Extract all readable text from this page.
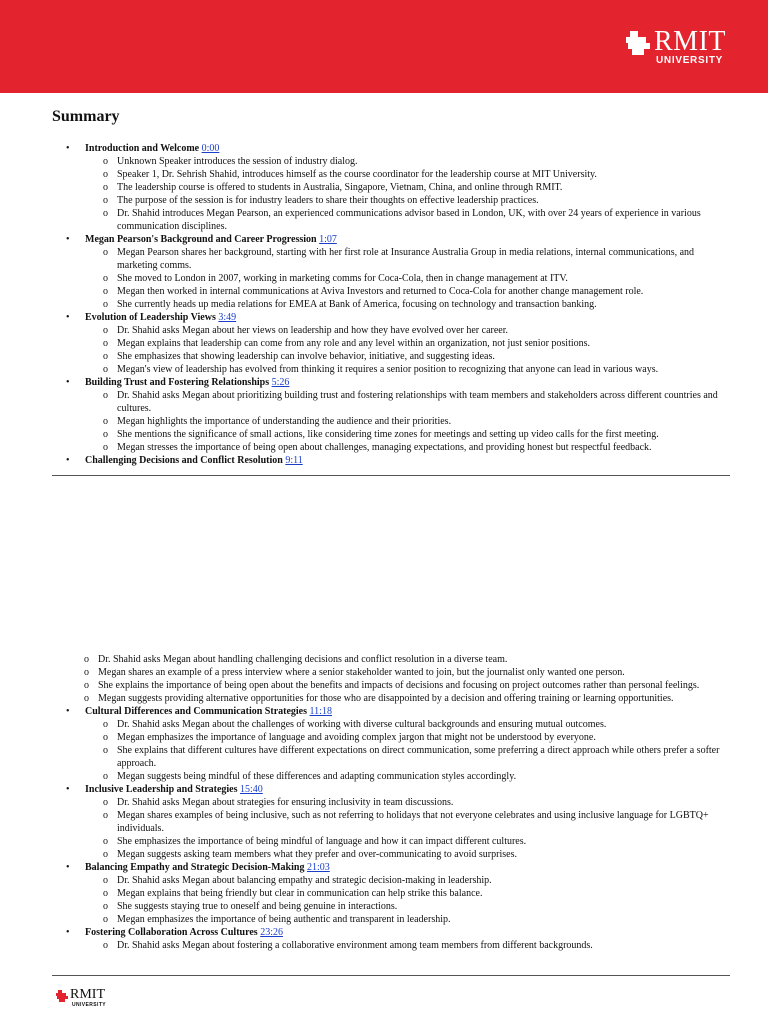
RMIT
UNIVERSITY
Summary
•	Introduction and Welcome 0:00
o Unknown Speaker introduces the session of industry dialog.
o Speaker 1, Dr. Sehrish Shahid, introduces himself as the course coordinator for the leadership course at MIT University.
o The leadership course is offered to students in Australia, Singapore, Vietnam, China, and online through RMIT.
o The purpose of the session is for industry leaders to share their thoughts on effective leadership practices.
o Dr. Shahid introduces Megan Pearson, an experienced communications advisor based in London, UK, with over 24 years of experience in various communication disciplines.
•	Megan Pearson's Background and Career Progression 1:07
o Megan Pearson shares her background, starting with her first role at Insurance Australia Group in media relations, internal communications, and marketing comms.
o She moved to London in 2007, working in marketing comms for Coca-Cola, then in change management at ITV.
o Megan then worked in internal communications at Aviva Investors and returned to Coca-Cola for another change management role.
o She currently heads up media relations for EMEA at Bank of America, focusing on technology and transaction banking.
•	Evolution of Leadership Views 3:49
o Dr. Shahid asks Megan about her views on leadership and how they have evolved over her career.
o Megan explains that leadership can come from any role and any level within an organization, not just senior positions.
o She emphasizes that showing leadership can involve behavior, initiative, and suggesting ideas.
o Megan's view of leadership has evolved from thinking it requires a senior position to recognizing that anyone can lead in various ways.
•	Building Trust and Fostering Relationships 5:26
o Dr. Shahid asks Megan about prioritizing building trust and fostering relationships with team members and stakeholders across different countries and cultures.
o Megan highlights the importance of understanding the audience and their priorities.
o She mentions the significance of small actions, like considering time zones for meetings and setting up video calls for the first meeting.
o Megan stresses the importance of being open about challenges, managing expectations, and providing honest but respectful feedback.
•	Challenging Decisions and Conflict Resolution 9:11
o Dr. Shahid asks Megan about handling challenging decisions and conflict resolution in a diverse team.
o Megan shares an example of a press interview where a senior stakeholder wanted to join, but the journalist only wanted one person.
o She explains the importance of being open about the benefits and impacts of decisions and focusing on project outcomes rather than personal feelings.
o Megan suggests providing alternative opportunities for those who are disappointed by a decision and offering training or learning opportunities.
•	Cultural Differences and Communication Strategies 11:18
o Dr. Shahid asks Megan about the challenges of working with diverse cultural backgrounds and ensuring mutual outcomes.
o Megan emphasizes the importance of language and avoiding complex jargon that might not be understood by everyone.
o She explains that different cultures have different expectations on direct communication, some preferring a direct approach while others prefer a softer approach.
o Megan suggests being mindful of these differences and adapting communication styles accordingly.
•	Inclusive Leadership and Strategies 15:40
o Dr. Shahid asks Megan about strategies for ensuring inclusivity in team discussions.
o Megan shares examples of being inclusive, such as not referring to holidays that not everyone celebrates and using inclusive language for LGBTQ+ individuals.
o She emphasizes the importance of being mindful of language and how it can impact different cultures.
o Megan suggests asking team members what they prefer and over-communicating to avoid surprises.
•	Balancing Empathy and Strategic Decision-Making 21:03
o Dr. Shahid asks Megan about balancing empathy and strategic decision-making in leadership.
o Megan explains that being friendly but clear in communication can help strike this balance.
o She suggests staying true to oneself and being genuine in interactions.
o Megan emphasizes the importance of being authentic and transparent in leadership.
•	Fostering Collaboration Across Cultures 23:26
o Dr. Shahid asks Megan about fostering a collaborative environment among team members from different backgrounds.
RMIT
UNIVERSITY
